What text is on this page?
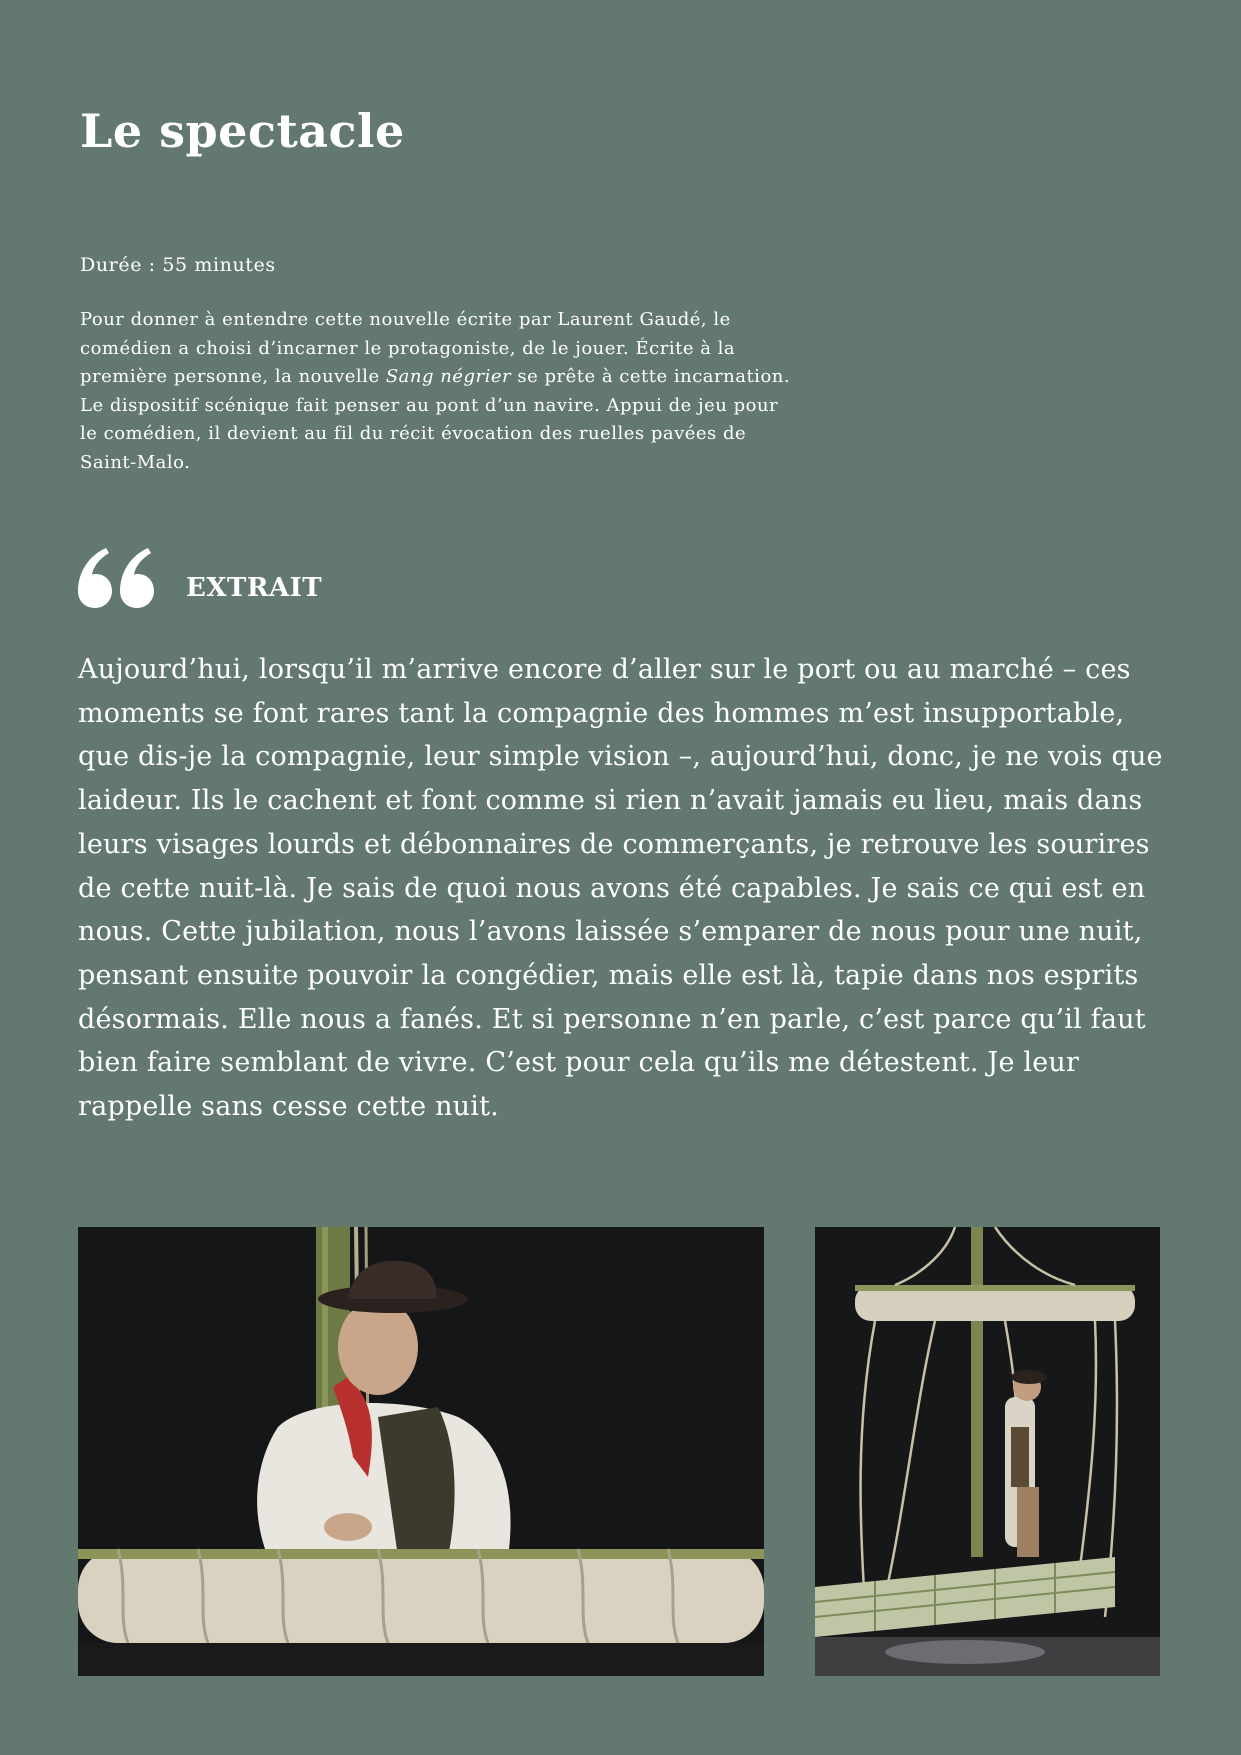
Le spectacle
Durée : 55 minutes

Pour donner à entendre cette nouvelle écrite par Laurent Gaudé, le comédien a choisi d’incarner le protagoniste, de le jouer. Écrite à la première personne, la nouvelle Sang négrier se prête à cette incarnation. Le dispositif scénique fait penser au pont d’un navire. Appui de jeu pour le comédien, il devient au fil du récit évocation des ruelles pavées de Saint-Malo.

EXTRAIT

Aujourd’hui, lorsqu’il m’arrive encore d’aller sur le port ou au marché – ces moments se font rares tant la compagnie des hommes m’est insupportable, que dis-je la compagnie, leur simple vision –, aujourd’hui, donc, je ne vois que laideur. Ils le cachent et font comme si rien n’avait jamais eu lieu, mais dans leurs visages lourds et débonnaires de commerçants, je retrouve les sourires de cette nuit-là. Je sais de quoi nous avons été capables. Je sais ce qui est en nous. Cette jubilation, nous l’avons laissée s’emparer de nous pour une nuit, pensant ensuite pouvoir la congédier, mais elle est là, tapie dans nos esprits désormais. Elle nous a fanés. Et si personne n’en parle, c’est parce qu’il faut bien faire semblant de vivre. C’est pour cela qu’ils me détestent. Je leur rappelle sans cesse cette nuit.
